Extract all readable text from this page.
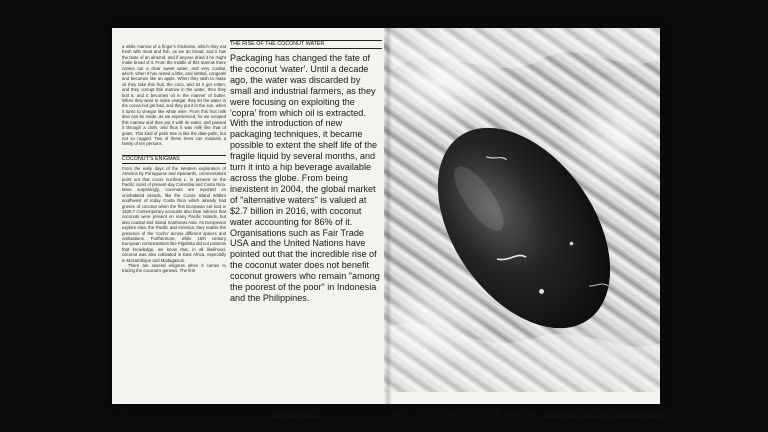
a while marrow of a finger's thickness, which they eat fresh with meat and fish, as we do bread, and it has the taste of an almond, and if anyone dried it he might make bread of it. From the middle of this marrow there comes out a clear sweet water, and very cordial, which, when it has rested a little, and settled, congeals and becomes like an apple. When they wish to make oil they take this fruit, the coco, and let it get rotten, and they corrupt this marrow in the water, then they boil it, and it becomes oil in the manner of butter. When they want to make vinegar, they let the water in the cocoa-nut get bad, and they put it in the sun, when it turns to vinegar like white wine. From this fruit milk also can be made, as we experienced, for we scraped this marrow and then put it with its water, and passed it through a cloth, and thus it was milk like that of goats. This kind of palm tree is like the date-palm, but not so rugged. Two of these trees can maintain a family of ten persons.

COCONUT'S ENIGMAS

From the early days of the Western exploration of America by Portuguese and Spaniards, commentators point out that cocos nucifera L. is present on the Pacific coast of present-day Colombia and Costa Rica. More surprisingly, coconuts are reported on uninhabited islands, like the Cocos Island 600km southwest of today Costa Rica which already had groves of coconut when the first European set foot in 1526.7 Contemporary accounts also bear witness that coconuts were present on many Pacific Islands, but also coastal and inland Southeast Asia. As Europeans explore Asia, the Pacific and America, they realise the presence of the 'cocho' across different spaces and civilisations. Furthermore, while 16th century European commentators like Pigafetta did not possess that knowledge, we know that, in all likelihood, coconut was also cultivated in East Africa, especially in Mozambique and Madagascar.

There are several enigmas when it comes to tracing the coconut's genesis. The first

THE RISE OF THE COCONUT WATER
Packaging has changed the fate of the coconut 'water'. Until a decade ago, the water was discarded by small and industrial farmers, as they were focusing on exploiting the 'copra' from which oil is extracted. With the introduction of new packaging techniques, it became possible to extent the shelf life of the fragile liquid by several months, and turn it into a hip beverage available across the globe. From being inexistent in 2004, the global market of "alternative waters" is valued at $2.7 billion in 2016, with coconut water accounting for 86% of it. Organisations such as Fair Trade USA and the United Nations have pointed out that the incredible rise of the coconut water does not benefit coconut growers who remain "among the poorest of the poor" in Indonesia and the Philippines.
D	JUSTINIEN TRIBILLON	41 SOUTH-EASTERN ASIA WONDERS AND ENIGMAS OF THE MIGRATING COCONUT
